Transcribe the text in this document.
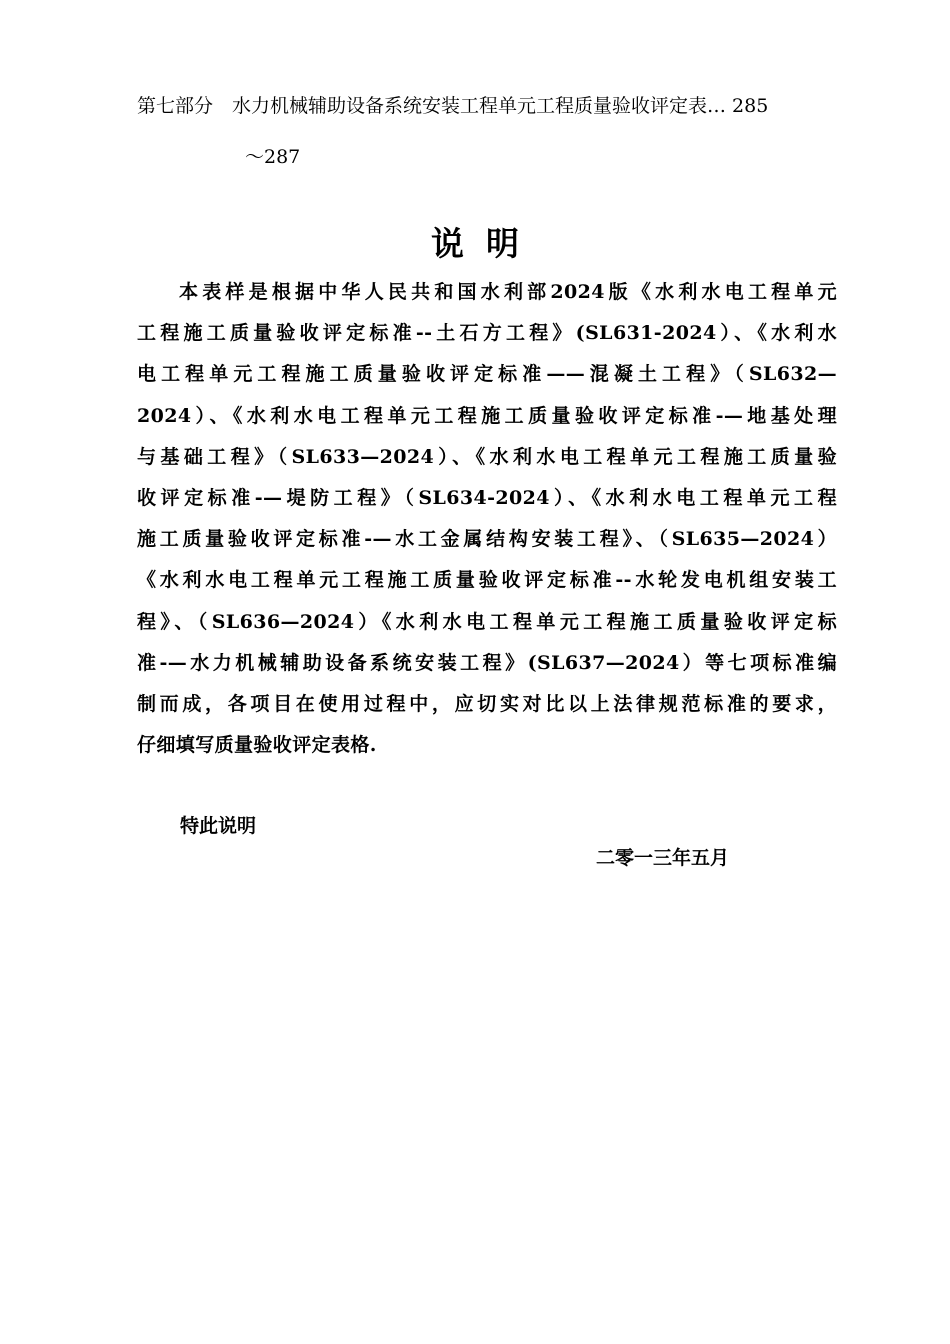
第七部分　水力机械辅助设备系统安装工程单元工程质量验收评定表… 285
～287
说明
本表样是根据中华人民共和国水利部2024版《水利水电工程单元
工程施工质量验收评定标准--土石方工程》(SL631-2024）、《水利水
电工程单元工程施工质量验收评定标准——混凝土工程》（SL632—
2024）、《水利水电工程单元工程施工质量验收评定标准-—地基处理
与基础工程》（SL633—2024）、《水利水电工程单元工程施工质量验
收评定标准-—堤防工程》（SL634-2024）、《水利水电工程单元工程
施工质量验收评定标准-—水工金属结构安装工程》、（SL635—2024）
《水利水电工程单元工程施工质量验收评定标准--水轮发电机组安装工
程》、（SL636—2024）《水利水电工程单元工程施工质量验收评定标
准-—水力机械辅助设备系统安装工程》(SL637—2024）等七项标准编
制而成，各项目在使用过程中，应切实对比以上法律规范标准的要求，
仔细填写质量验收评定表格.
特此说明
二零一三年五月
